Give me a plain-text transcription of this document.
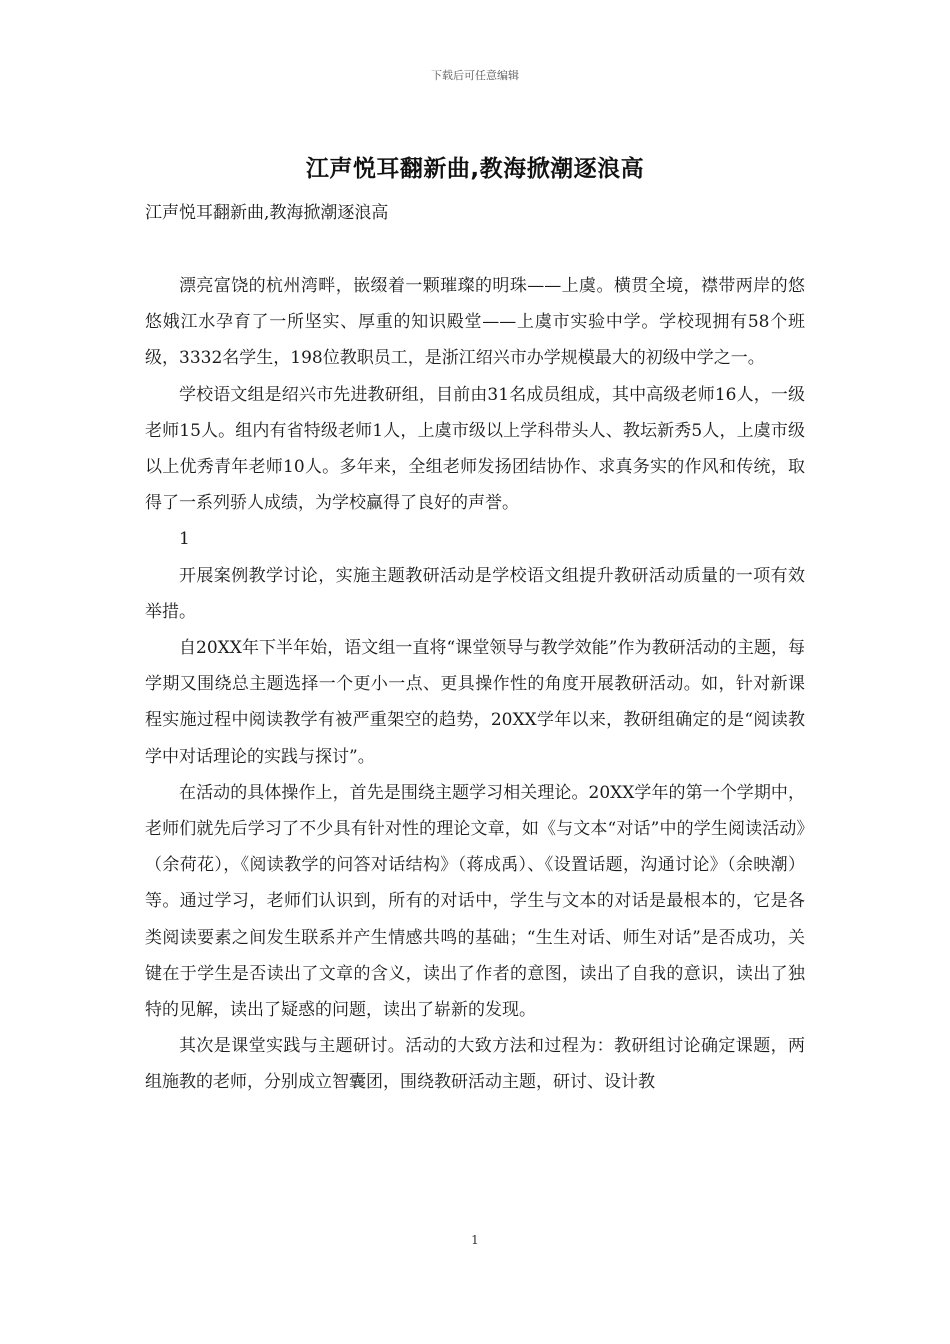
下载后可任意编辑
江声悦耳翻新曲,教海掀潮逐浪高
江声悦耳翻新曲,教海掀潮逐浪高

漂亮富饶的杭州湾畔，嵌缀着一颗璀璨的明珠——上虞。横贯全境，襟带两岸的悠悠娥江水孕育了一所坚实、厚重的知识殿堂——上虞市实验中学。学校现拥有58个班级，3332名学生，198位教职员工，是浙江绍兴市办学规模最大的初级中学之一。

学校语文组是绍兴市先进教研组，目前由31名成员组成，其中高级老师16人，一级老师15人。组内有省特级老师1人，上虞市级以上学科带头人、教坛新秀5人，上虞市级以上优秀青年老师10人。多年来，全组老师发扬团结协作、求真务实的作风和传统，取得了一系列骄人成绩，为学校赢得了良好的声誉。

1

开展案例教学讨论，实施主题教研活动是学校语文组提升教研活动质量的一项有效举措。

自20XX年下半年始，语文组一直将“课堂领导与教学效能”作为教研活动的主题，每学期又围绕总主题选择一个更小一点、更具操作性的角度开展教研活动。如，针对新课程实施过程中阅读教学有被严重架空的趋势，20XX学年以来，教研组确定的是“阅读教学中对话理论的实践与探讨”。

在活动的具体操作上，首先是围绕主题学习相关理论。20XX学年的第一个学期中，老师们就先后学习了不少具有针对性的理论文章，如《与文本“对话”中的学生阅读活动》（余荷花），《阅读教学的问答对话结构》（蒋成禹）、《设置话题，沟通讨论》（余映潮）等。通过学习，老师们认识到，所有的对话中，学生与文本的对话是最根本的，它是各类阅读要素之间发生联系并产生情感共鸣的基础；“生生对话、师生对话”是否成功，关键在于学生是否读出了文章的含义，读出了作者的意图，读出了自我的意识，读出了独特的见解，读出了疑惑的问题，读出了崭新的发现。

其次是课堂实践与主题研讨。活动的大致方法和过程为：教研组讨论确定课题，两组施教的老师，分别成立智囊团，围绕教研活动主题，研讨、设计教

1
